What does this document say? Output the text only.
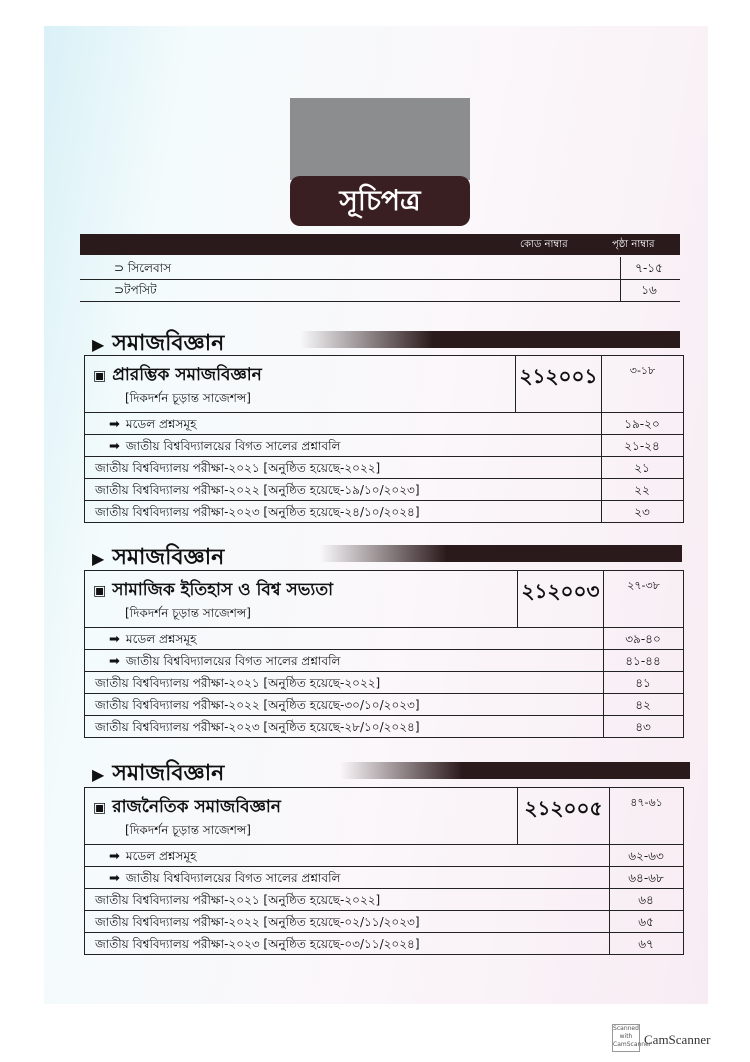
সূচিপত্র
কোড নাম্বার	পৃষ্ঠা নাম্বার
⊃ সিলেবাস	৭-১৫
⊃টপসিট	১৬
▶ সমাজবিজ্ঞান
▣ প্রারম্ভিক সমাজবিজ্ঞান
[দিকদর্শন চূড়ান্ত সাজেশন্স]
২১২০০১	৩-১৮
➡ মডেল প্রশ্নসমূহ	১৯-২০
➡ জাতীয় বিশ্ববিদ্যালয়ের বিগত সালের প্রশ্নাবলি	২১-২৪
জাতীয় বিশ্ববিদ্যালয় পরীক্ষা-২০২১ [অনুষ্ঠিত হয়েছে-২০২২]	২১
জাতীয় বিশ্ববিদ্যালয় পরীক্ষা-২০২২ [অনুষ্ঠিত হয়েছে-১৯/১০/২০২৩]	২২
জাতীয় বিশ্ববিদ্যালয় পরীক্ষা-২০২৩ [অনুষ্ঠিত হয়েছে-২৪/১০/২০২৪]	২৩
▶ সমাজবিজ্ঞান
▣ সামাজিক ইতিহাস ও বিশ্ব সভ্যতা
[দিকদর্শন চূড়ান্ত সাজেশন্স]
২১২০০৩	২৭-৩৮
➡ মডেল প্রশ্নসমূহ	৩৯-৪০
➡ জাতীয় বিশ্ববিদ্যালয়ের বিগত সালের প্রশ্নাবলি	৪১-৪৪
জাতীয় বিশ্ববিদ্যালয় পরীক্ষা-২০২১ [অনুষ্ঠিত হয়েছে-২০২২]	৪১
জাতীয় বিশ্ববিদ্যালয় পরীক্ষা-২০২২ [অনুষ্ঠিত হয়েছে-৩০/১০/২০২৩]	৪২
জাতীয় বিশ্ববিদ্যালয় পরীক্ষা-২০২৩ [অনুষ্ঠিত হয়েছে-২৮/১০/২০২৪]	৪৩
▶ সমাজবিজ্ঞান
▣ রাজনৈতিক সমাজবিজ্ঞান
[দিকদর্শন চূড়ান্ত সাজেশন্স]
২১২০০৫	৪৭-৬১
➡ মডেল প্রশ্নসমূহ	৬২-৬৩
➡ জাতীয় বিশ্ববিদ্যালয়ের বিগত সালের প্রশ্নাবলি	৬৪-৬৮
জাতীয় বিশ্ববিদ্যালয় পরীক্ষা-২০২১ [অনুষ্ঠিত হয়েছে-২০২২]	৬৪
জাতীয় বিশ্ববিদ্যালয় পরীক্ষা-২০২২ [অনুষ্ঠিত হয়েছে-০২/১১/২০২৩]	৬৫
জাতীয় বিশ্ববিদ্যালয় পরীক্ষা-২০২৩ [অনুষ্ঠিত হয়েছে-০৩/১১/২০২৪]	৬৭
Scanned with
CamScanner
CamScanner
